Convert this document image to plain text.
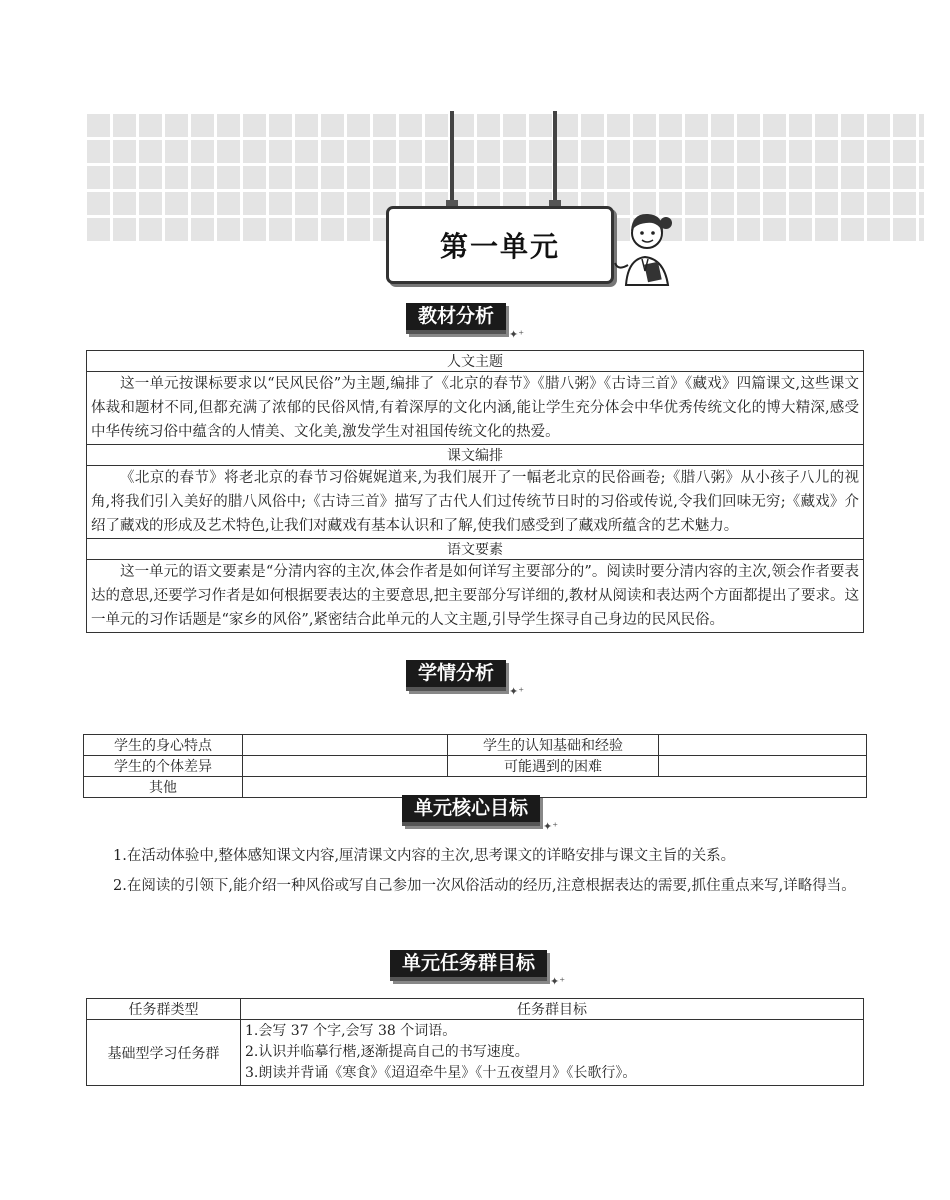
第一单元
教材分析
✦⁺
人文主题
这一单元按课标要求以“民风民俗”为主题,编排了《北京的春节》《腊八粥》《古诗三首》《藏戏》四篇课文,这些课文体裁和题材不同,但都充满了浓郁的民俗风情,有着深厚的文化内涵,能让学生充分体会中华优秀传统文化的博大精深,感受中华传统习俗中蕴含的人情美、文化美,激发学生对祖国传统文化的热爱。
课文编排
《北京的春节》将老北京的春节习俗娓娓道来,为我们展开了一幅老北京的民俗画卷;《腊八粥》从小孩子八儿的视角,将我们引入美好的腊八风俗中;《古诗三首》描写了古代人们过传统节日时的习俗或传说,令我们回味无穷;《藏戏》介绍了藏戏的形成及艺术特色,让我们对藏戏有基本认识和了解,使我们感受到了藏戏所蕴含的艺术魅力。
语文要素
这一单元的语文要素是“分清内容的主次,体会作者是如何详写主要部分的”。阅读时要分清内容的主次,领会作者要表达的意思,还要学习作者是如何根据要表达的主要意思,把主要部分写详细的,教材从阅读和表达两个方面都提出了要求。这一单元的习作话题是“家乡的风俗”,紧密结合此单元的人文主题,引导学生探寻自己身边的民风民俗。
学情分析
✦⁺
学生的身心特点		学生的认知基础和经验	
学生的个体差异		可能遇到的困难	
其他			
单元核心目标
✦⁺

1.在活动体验中,整体感知课文内容,厘清课文内容的主次,思考课文的详略安排与课文主旨的关系。

2.在阅读的引领下,能介绍一种风俗或写自己参加一次风俗活动的经历,注意根据表达的需要,抓住重点来写,详略得当。

单元任务群目标
✦⁺
任务群类型	任务群目标
基础型学习任务群	1.会写 37 个字,会写 38 个词语。
2.认识并临摹行楷,逐渐提高自己的书写速度。
3.朗读并背诵《寒食》《迢迢牵牛星》《十五夜望月》《长歌行》。
